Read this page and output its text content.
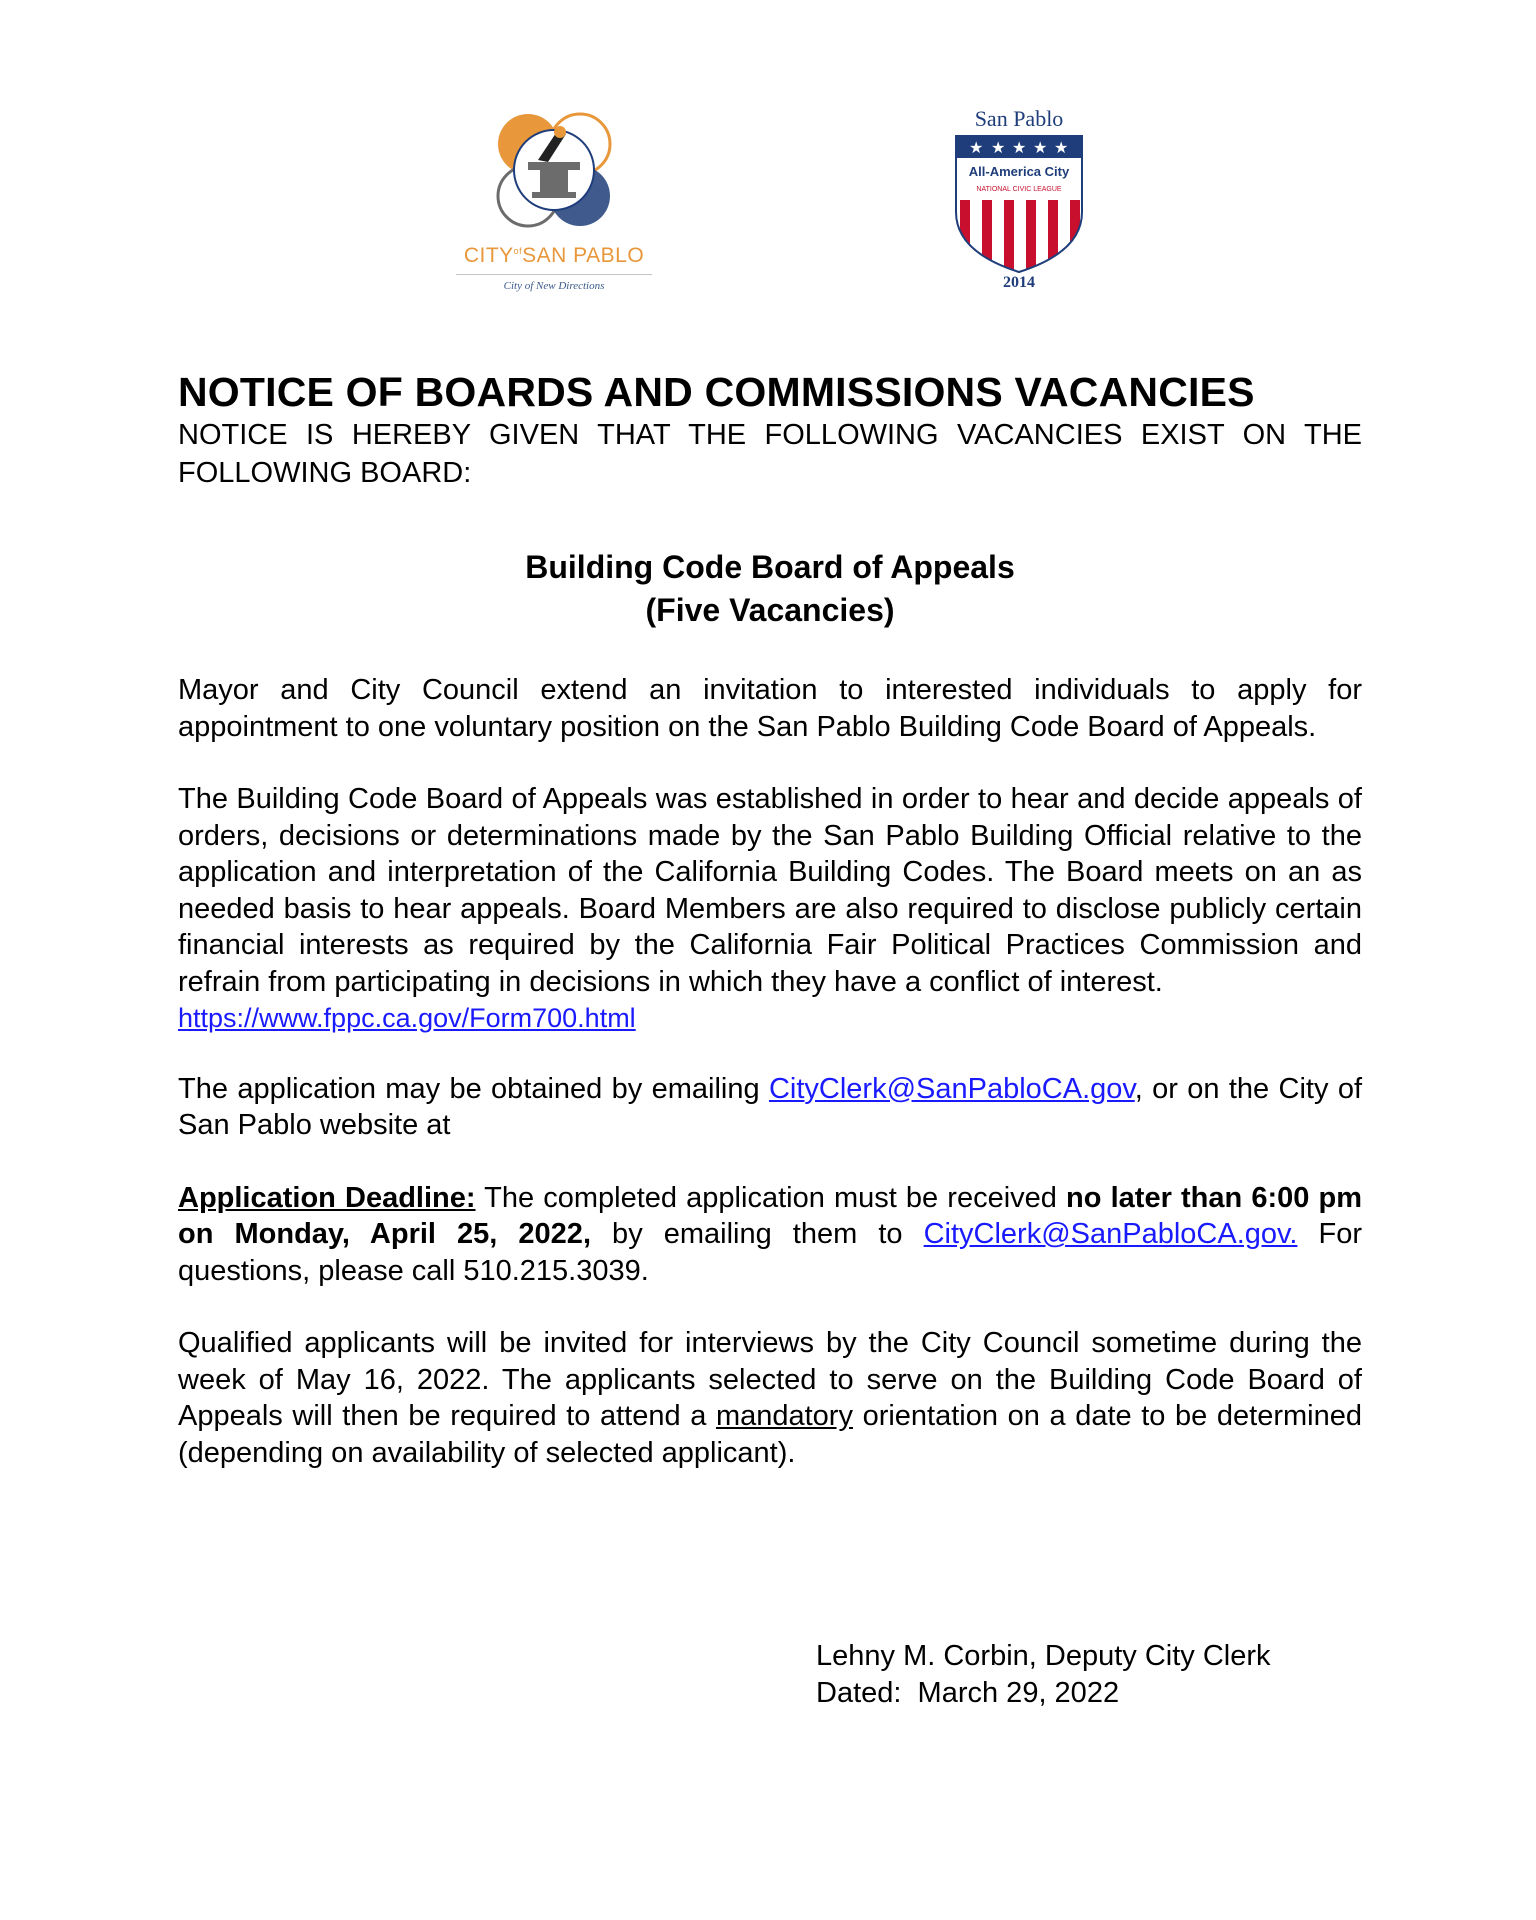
$CITY^{of}SAN$ PABLO
City of New Directions
San Pablo
★ ★ ★ ★ ★
All-America City
NATIONAL CIVIC LEAGUE
2014
NOTICE OF BOARDS AND COMMISSIONS VACANCIES

NOTICE IS HEREBY GIVEN THAT THE FOLLOWING VACANCIES EXIST ON THE FOLLOWING BOARD:

Building Code Board of Appeals
(Five Vacancies)

Mayor and City Council extend an invitation to interested individuals to apply for appointment to one voluntary position on the San Pablo Building Code Board of Appeals.

The Building Code Board of Appeals was established in order to hear and decide appeals of orders, decisions or determinations made by the San Pablo Building Official relative to the application and interpretation of the California Building Codes. The Board meets on an as needed basis to hear appeals. Board Members are also required to disclose publicly certain financial interests as required by the California Fair Political Practices Commission and refrain from participating in decisions in which they have a conflict of interest.
https://www.fppc.ca.gov/Form700.html

The application may be obtained by emailing CityClerk@SanPabloCA.gov, or on the City of San Pablo website at

Application Deadline: The completed application must be received no later than 6:00 pm on Monday, April 25, 2022, by emailing them to CityClerk@SanPabloCA.gov. For questions, please call 510.215.3039.

Qualified applicants will be invited for interviews by the City Council sometime during the week of May 16, 2022. The applicants selected to serve on the Building Code Board of Appeals will then be required to attend a mandatory orientation on a date to be determined (depending on availability of selected applicant).

Lehny M. Corbin, Deputy City Clerk
Dated:  March 29, 2022
